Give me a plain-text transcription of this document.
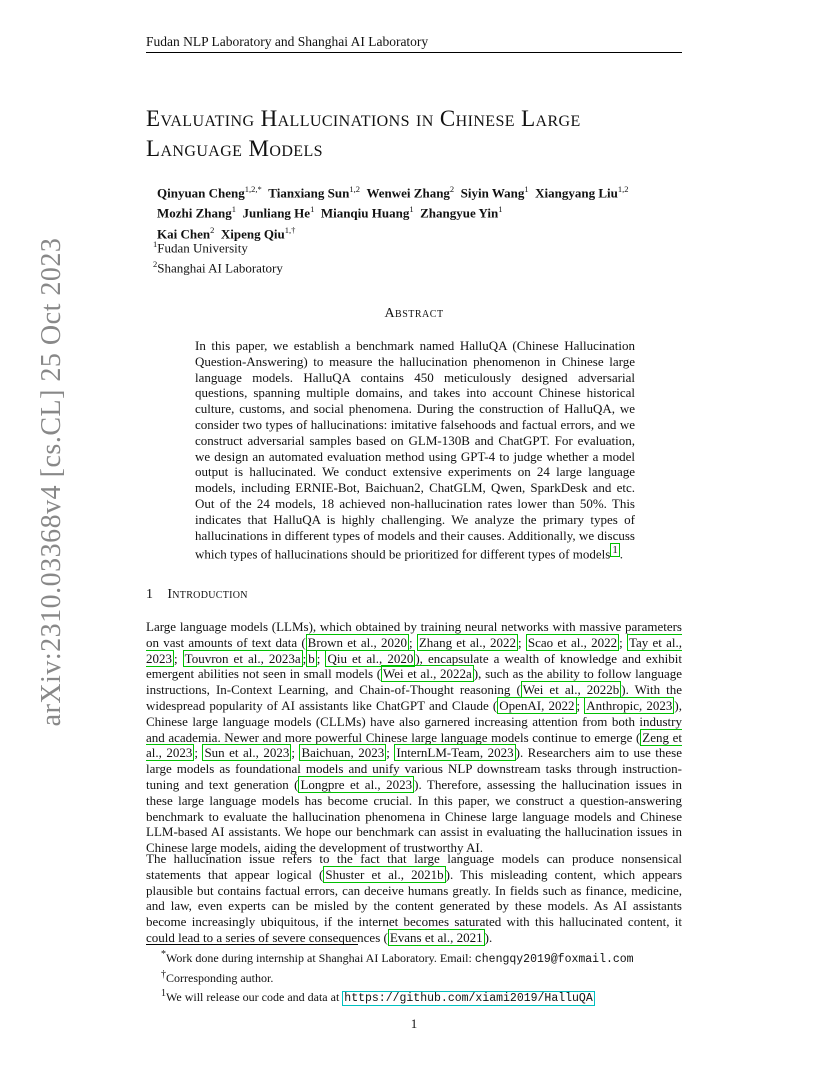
Fudan NLP Laboratory and Shanghai AI Laboratory
Evaluating Hallucinations in Chinese Large
Language Models
Qinyuan Cheng$^{1,2,*}$  Tianxiang Sun$^{1,2}$  Wenwei Zhang$^2$  Siyin Wang$^1$  Xiangyang Liu$^{1,2}$
Mozhi Zhang$^1$  Junliang He$^1$  Mianqiu Huang$^1$  Zhangyue Yin$^1$
Kai Chen$^2$  Xipeng Qiu$^{1,\dagger}$
$^1$Fudan University
$^2$Shanghai AI Laboratory
Abstract
In this paper, we establish a benchmark named HalluQA (Chinese Hallucination Question-Answering) to measure the hallucination phenomenon in Chinese large language models. HalluQA contains 450 meticulously designed adversarial questions, spanning multiple domains, and takes into account Chinese historical culture, customs, and social phenomena. During the construction of HalluQA, we consider two types of hallucinations: imitative falsehoods and factual errors, and we construct adversarial samples based on GLM-130B and ChatGPT. For evaluation, we design an automated evaluation method using GPT-4 to judge whether a model output is hallucinated. We conduct extensive experiments on 24 large language models, including ERNIE-Bot, Baichuan2, ChatGLM, Qwen, SparkDesk and etc. Out of the 24 models, 18 achieved non-hallucination rates lower than 50%. This indicates that HalluQA is highly challenging. We analyze the primary types of hallucinations in different types of models and their causes. Additionally, we discuss which types of hallucinations should be prioritized for different types of models $^1$ .
1 Introduction
Large language models (LLMs), which obtained by training neural networks with massive parameters on vast amounts of text data ( Brown et al., 2020 ; Zhang et al., 2022 ; Scao et al., 2022 ; Tay et al., 2023 ; Touvron et al., 2023a ; b ; Qiu et al., 2020 ), encapsulate a wealth of knowledge and exhibit emergent abilities not seen in small models ( Wei et al., 2022a ), such as the ability to follow language instructions, In-Context Learning, and Chain-of-Thought reasoning ( Wei et al., 2022b ). With the widespread popularity of AI assistants like ChatGPT and Claude ( OpenAI, 2022 ; Anthropic, 2023 ), Chinese large language models (CLLMs) have also garnered increasing attention from both industry and academia. Newer and more powerful Chinese large language models continue to emerge ( Zeng et al., 2023 ; Sun et al., 2023 ; Baichuan, 2023 ; InternLM-Team, 2023 ). Researchers aim to use these large models as foundational models and unify various NLP downstream tasks through instruction-tuning and text generation ( Longpre et al., 2023 ). Therefore, assessing the hallucination issues in these large language models has become crucial. In this paper, we construct a question-answering benchmark to evaluate the hallucination phenomena in Chinese large language models and Chinese LLM-based AI assistants. We hope our benchmark can assist in evaluating the hallucination issues in Chinese large models, aiding the development of trustworthy AI.
The hallucination issue refers to the fact that large language models can produce nonsensical statements that appear logical ( Shuster et al., 2021b ). This misleading content, which appears plausible but contains factual errors, can deceive humans greatly. In fields such as finance, medicine, and law, even experts can be misled by the content generated by these models. As AI assistants become increasingly ubiquitous, if the internet becomes saturated with this hallucinated content, it could lead to a series of severe consequences ( Evans et al., 2021 ).
*Work done during internship at Shanghai AI Laboratory. Email: chengqy2019@foxmail.com
†Corresponding author.
$^1$We will release our code and data at https://github.com/xiami2019/HalluQA
1
arXiv:2310.03368v4 [cs.CL] 25 Oct 2023
